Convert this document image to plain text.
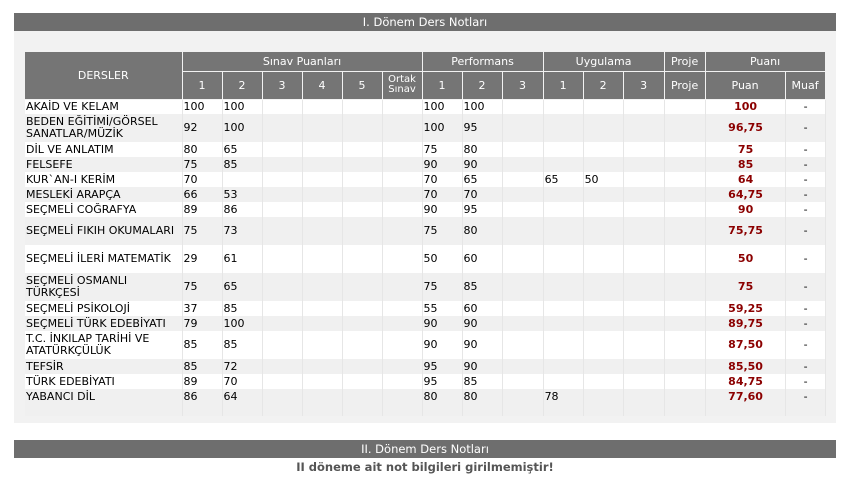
I. Dönem Ders Notları
DERSLER	Sınav Puanları						Performans			Uygulama			Proje	Puanı	
	1	2	3	4	5	Ortak Sınav	1	2	3	1	2	3	Proje	Puan	Muaf
AKAİD VE KELAM	100	100					100	100						100	-
BEDEN EĞİTİMİ/GÖRSEL SANATLAR/MÜZİK	92	100					100	95						96,75	-
DİL VE ANLATIM	80	65					75	80						75	-
FELSEFE	75	85					90	90						85	-
KUR`AN-I KERİM	70						70	65		65	50			64	-
MESLEKİ ARAPÇA	66	53					70	70						64,75	-
SEÇMELİ COĞRAFYA	89	86					90	95						90	-
SEÇMELİ FIKIH OKUMALARI	75	73					75	80						75,75	-
SEÇMELİ İLERİ MATEMATİK	29	61					50	60						50	-
SEÇMELİ OSMANLI TÜRKÇESİ	75	65					75	85						75	-
SEÇMELİ PSİKOLOJİ	37	85					55	60						59,25	-
SEÇMELİ TÜRK EDEBİYATI	79	100					90	90						89,75	-
T.C. İNKILAP TARİHİ VE ATATÜRKÇÜLÜK	85	85					90	90						87,50	-
TEFSİR	85	72					95	90						85,50	-
TÜRK EDEBİYATI	89	70					95	85						84,75	-
YABANCI DİL	86	64					80	80		78				77,60	-

II. Dönem Ders Notları
II döneme ait not bilgileri girilmemiştir!
